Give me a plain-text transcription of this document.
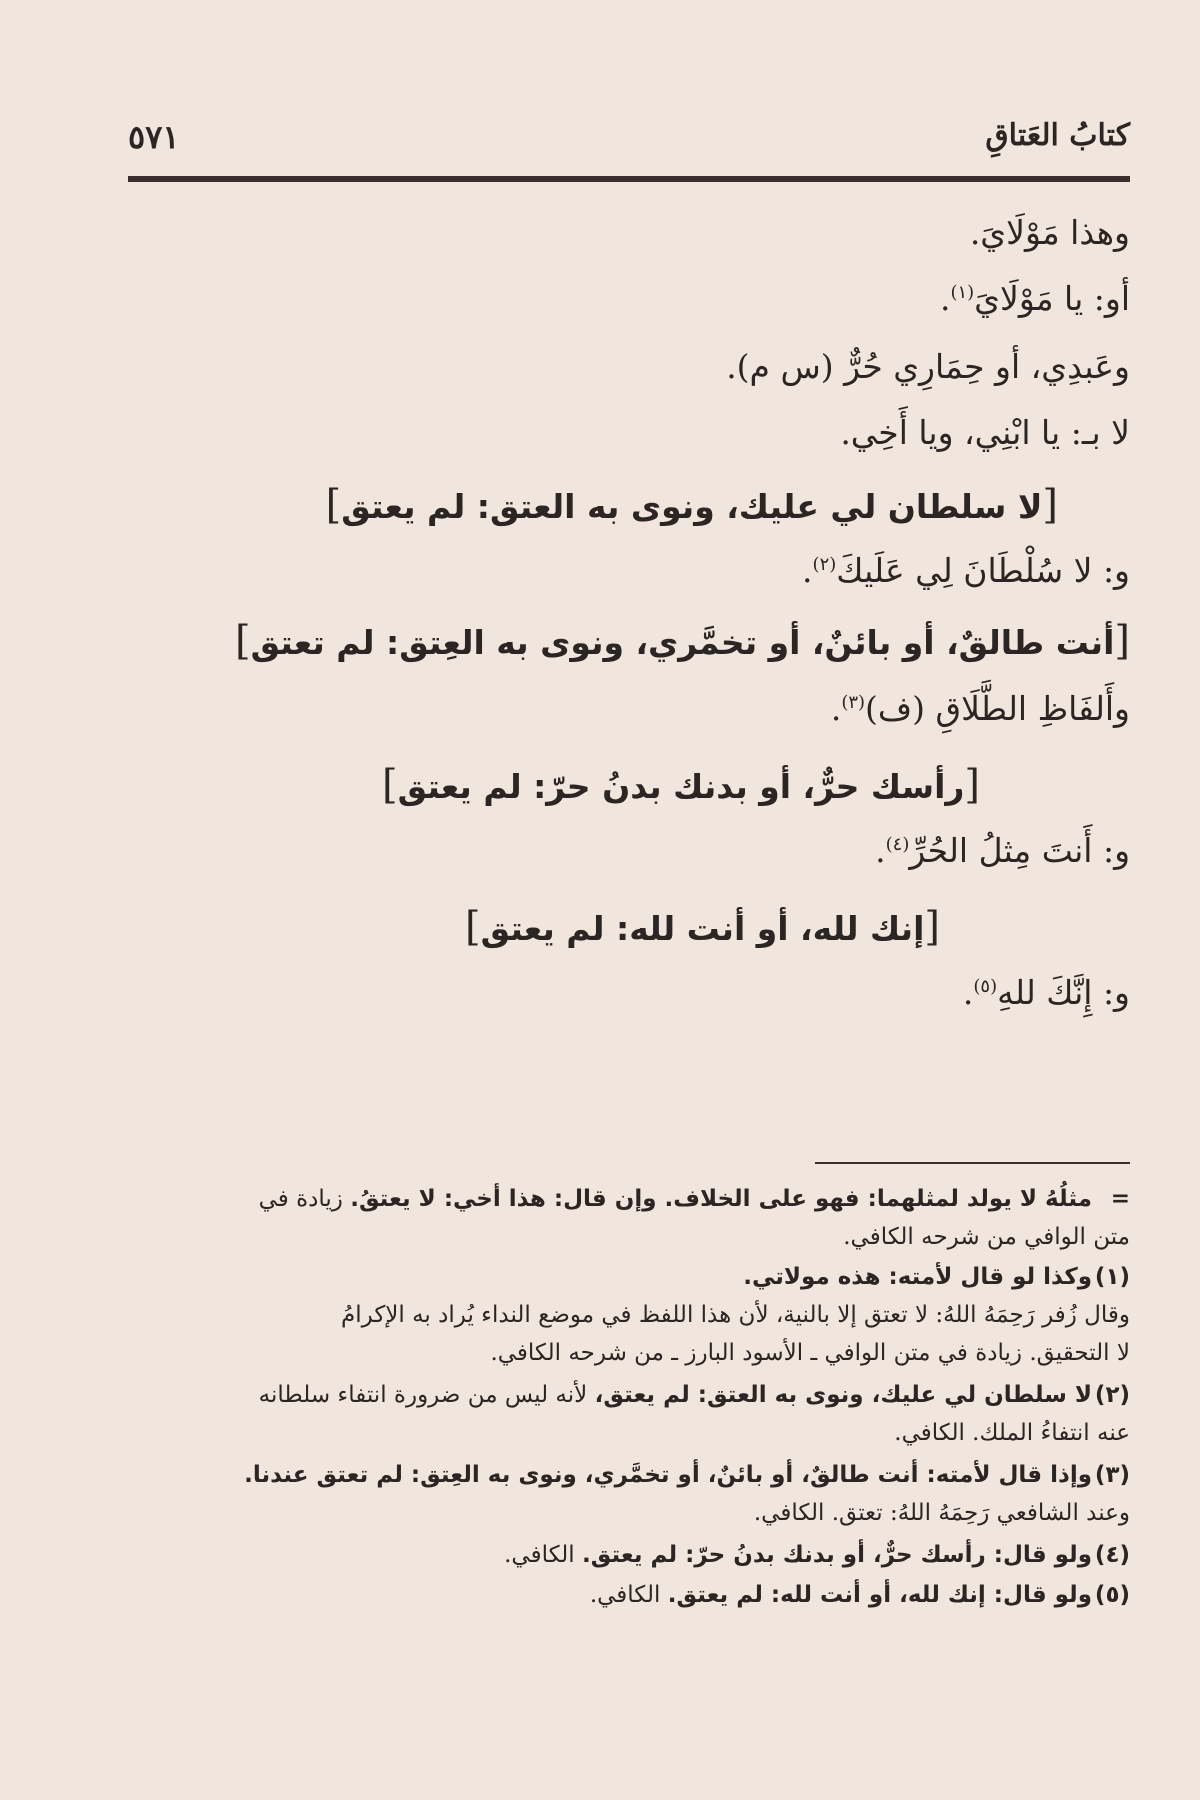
كتابُ العَتاقِ
٥٧١
وهذا مَوْلَايَ.
أو: يا مَوْلَايَ$^{(١)}$.
وعَبدِي، أو حِمَارِي حُرٌّ (س م).
لا بـ: يا ابْنِي، ويا أَخِي.
[لا سلطان لي عليك، ونوى به العتق: لم يعتق]
و: لا سُلْطَانَ لِي عَلَيكَ$^{(٢)}$.
[أنت طالقٌ، أو بائنٌ، أو تخمَّري، ونوى به العِتق: لم تعتق]
وأَلفَاظِ الطَّلَاقِ (ف)$^{(٣)}$.
[رأسك حرٌّ، أو بدنك بدنُ حرّ: لم يعتق]
و: أَنتَ مِثلُ الحُرِّ$^{(٤)}$.
[إنك لله، أو أنت لله: لم يعتق]
و: إِنَّكَ للهِ$^{(٥)}$.
=مثلُهُ لا يولد لمثلهما: فهو على الخلاف. وإن قال: هذا أخي: لا يعتقُ. زيادة في
متن الوافي من شرحه الكافي.
(١)وكذا لو قال لأمته: هذه مولاتي.
وقال زُفر رَحِمَهُ اللهُ: لا تعتق إلا بالنية، لأن هذا اللفظ في موضع النداء يُراد به الإكرامُ
لا التحقيق. زيادة في متن الوافي ـ الأسود البارز ـ من شرحه الكافي.
(٢)لا سلطان لي عليك، ونوى به العتق: لم يعتق، لأنه ليس من ضرورة انتفاء سلطانه
عنه انتفاءُ الملك. الكافي.
(٣)وإذا قال لأمته: أنت طالقٌ، أو بائنٌ، أو تخمَّري، ونوى به العِتق: لم تعتق عندنا.
وعند الشافعي رَحِمَهُ اللهُ: تعتق. الكافي.
(٤)ولو قال: رأسك حرٌّ، أو بدنك بدنُ حرّ: لم يعتق. الكافي.
(٥)ولو قال: إنك لله، أو أنت لله: لم يعتق. الكافي.
